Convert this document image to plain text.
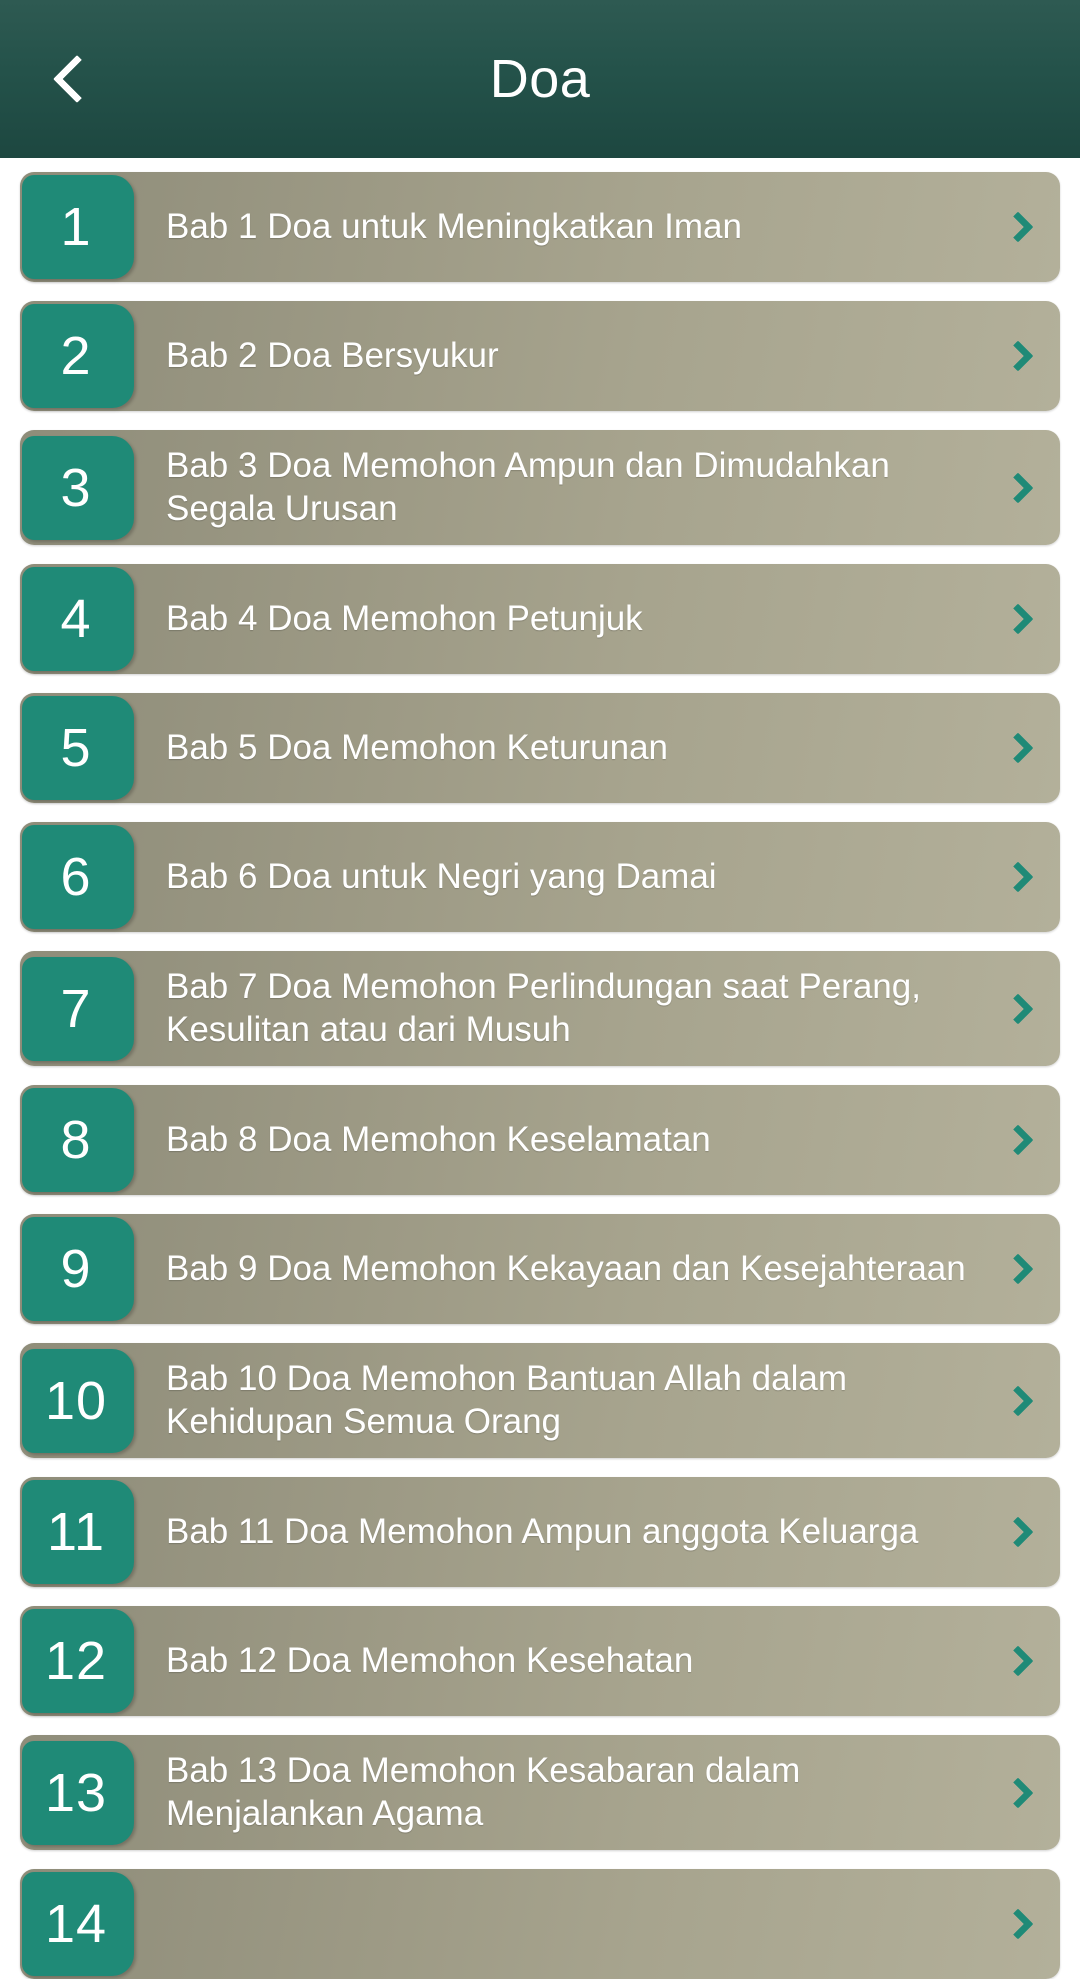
Doa
1	Bab 1 Doa untuk Meningkatkan Iman
2	Bab 2 Doa Bersyukur
3	Bab 3 Doa Memohon Ampun dan Dimudahkan Segala Urusan
4	Bab 4 Doa Memohon Petunjuk
5	Bab 5 Doa Memohon Keturunan
6	Bab 6 Doa untuk Negri yang Damai
7	Bab 7 Doa Memohon Perlindungan saat Perang, Kesulitan atau dari Musuh
8	Bab 8 Doa Memohon Keselamatan
9	Bab 9 Doa Memohon Kekayaan dan Kesejahteraan
10	Bab 10 Doa Memohon Bantuan Allah dalam Kehidupan Semua Orang
11	Bab 11 Doa Memohon Ampun anggota Keluarga
12	Bab 12 Doa Memohon Kesehatan
13	Bab 13 Doa Memohon Kesabaran dalam Menjalankan Agama
14
